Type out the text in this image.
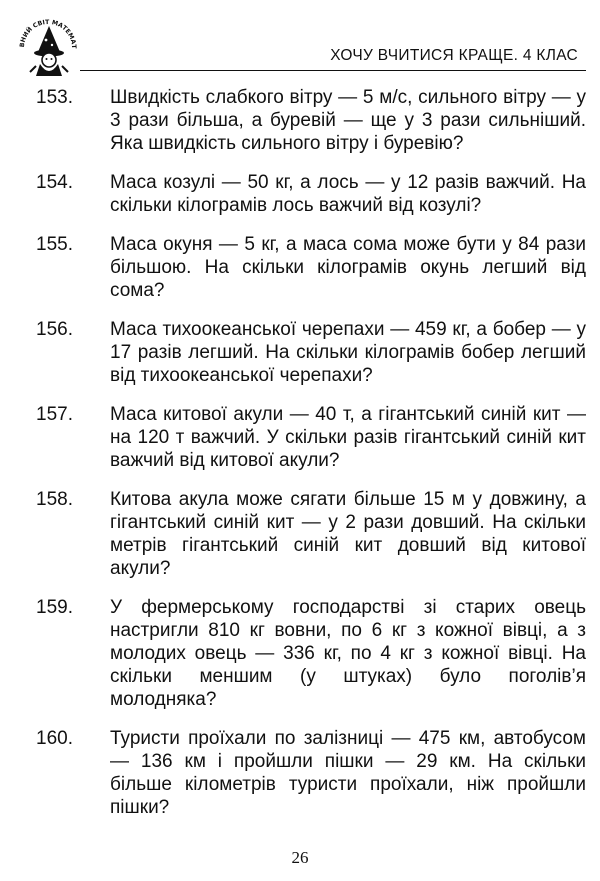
ВНИЙ СВІТ МАТЕМАТ
ХОЧУ ВЧИТИСЯ КРАЩЕ. 4 КЛАС
153.	Швидкість слабкого вітру — 5 м/с, сильного вітру — у 3 рази більша, а буревій — ще у 3 рази сильніший. Яка швидкість сильного вітру і буревію?
154.	Маса козулі — 50 кг, а лось — у 12 разів важчий. На скільки кілограмів лось важчий від козулі?
155.	Маса окуня — 5 кг, а маса сома може бути у 84 рази більшою. На скільки кілограмів окунь легший від сома?
156.	Маса тихоокеанської черепахи — 459 кг, а бобер — у 17 разів легший. На скільки кілограмів бобер легший від тихоокеанської черепахи?
157.	Маса китової акули — 40 т, а гігантський синій кит — на 120 т важчий. У скільки разів гігантський синій кит важчий від китової акули?
158.	Китова акула може сягати більше 15 м у довжину, а гігантський синій кит — у 2 рази довший. На скільки метрів гігантський синій кит довший від китової акули?
159.	У фермерському господарстві зі старих овець настригли 810 кг вовни, по 6 кг з кожної вівці, а з молодих овець — 336 кг, по 4 кг з кожної вівці. На скільки меншим (у штуках) було поголів’я молодняка?
160.	Туристи проїхали по залізниці — 475 км, автобусом — 136 км і пройшли пішки — 29 км. На скільки більше кілометрів туристи проїхали, ніж пройшли пішки?
26
